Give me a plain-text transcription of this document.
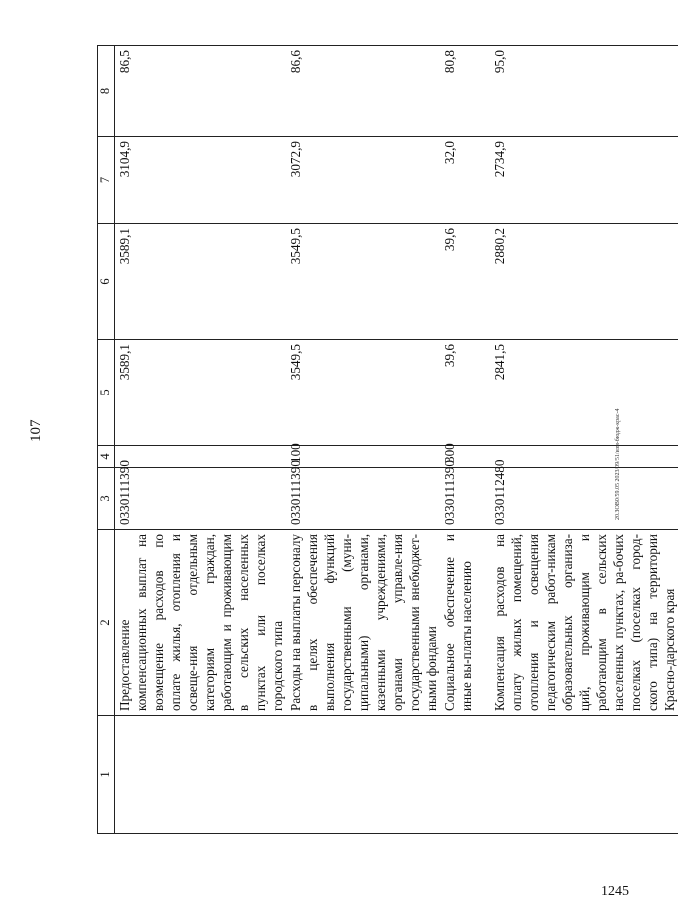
107
1	2	3	4	5	6	7	8
	Предоставление компенсационных выплат на возмещение расходов по оплате жилья, отопления и освеще-ния отдельным категориям граждан, работающим и проживающим в сельских населенных пунктах или поселках городского типа	0330111390		3589,1	3589,1	3104,9	86,5
	Расходы на выплаты персоналу в целях обеспечения выполнения функций государственными (муни-ципальными) органами, казенными учреждениями, органами управле-ния государственными внебюджет-ными фондами	0330111390	100	3549,5	3549,5	3072,9	86,6
	Социальное обеспечение и иные вы-платы населению	0330111390	300	39,6	39,6	32,0	80,8
	Компенсация расходов на оплату жилых помещений, отопления и освещения педагогическим работ-никам образовательных организа-ций, проживающим и работающим в сельских населенных пунктах, ра-бочих поселках (поселках город-ского типа) на территории Красно-дарского края	0330112480		2841,5	2880,2	2734,9	95,0
20.ЗОВ0/59.05 2023/09/51/изм-бюдж-крас-4
1245
